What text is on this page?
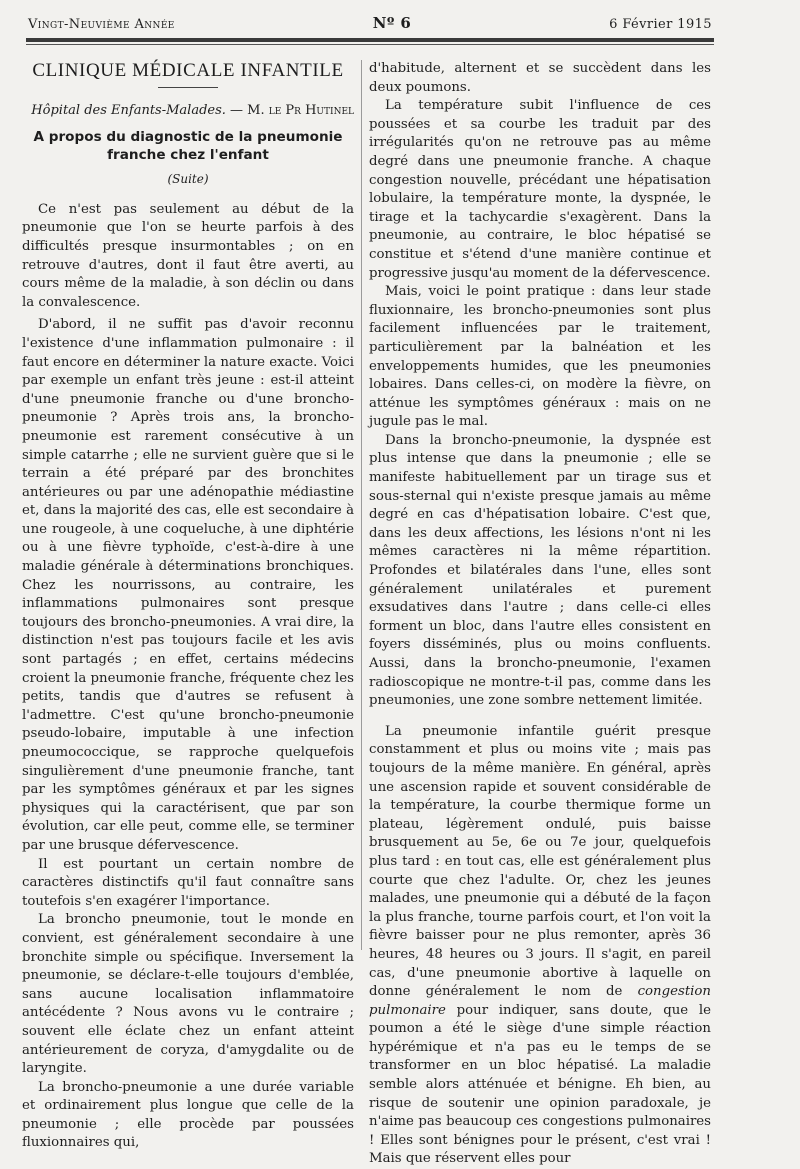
Vingt-Neuvième Année	Nº 6	6 Février 1915
CLINIQUE MÉDICALE INFANTILE
Hôpital des Enfants-Malades. — M. le Pr Hutinel
A propos du diagnostic de la pneumonie franche chez l'enfant
(Suite)

Ce n'est pas seulement au début de la pneumonie que l'on se heurte parfois à des difficultés presque insurmontables ; on en retrouve d'autres, dont il faut être averti, au cours même de la maladie, à son déclin ou dans la convalescence.

D'abord, il ne suffit pas d'avoir reconnu l'existence d'une inflammation pulmonaire : il faut encore en déterminer la nature exacte. Voici par exemple un enfant très jeune : est-il atteint d'une pneumonie franche ou d'une broncho-pneumonie ? Après trois ans, la broncho-pneumonie est rarement consécutive à un simple catarrhe ; elle ne survient guère que si le terrain a été préparé par des bronchites antérieures ou par une adénopathie médiastine et, dans la majorité des cas, elle est secondaire à une rougeole, à une coqueluche, à une diphtérie ou à une fièvre typhoïde, c'est-à-dire à une maladie générale à déterminations bronchiques. Chez les nourrissons, au contraire, les inflammations pulmonaires sont presque toujours des broncho-pneumonies. A vrai dire, la distinction n'est pas toujours facile et les avis sont partagés ; en effet, certains médecins croient la pneumonie franche, fréquente chez les petits, tandis que d'autres se refusent à l'admettre. C'est qu'une broncho-pneumonie pseudo-lobaire, imputable à une infection pneumococcique, se rapproche quelquefois singulièrement d'une pneumonie franche, tant par les symptômes généraux et par les signes physiques qui la caractérisent, que par son évolution, car elle peut, comme elle, se terminer par une brusque défervescence.

Il est pourtant un certain nombre de caractères distinctifs qu'il faut connaître sans toutefois s'en exagérer l'importance.

La broncho pneumonie, tout le monde en convient, est généralement secondaire à une bronchite simple ou spécifique. Inversement la pneumonie, se déclare-t-elle toujours d'emblée, sans aucune localisation inflammatoire antécédente ? Nous avons vu le contraire ; souvent elle éclate chez un enfant atteint antérieurement de coryza, d'amygdalite ou de laryngite.

La broncho-pneumonie a une durée variable et ordinairement plus longue que celle de la pneumonie ; elle procède par poussées fluxionnaires qui,

d'habitude, alternent et se succèdent dans les deux poumons.

La température subit l'influence de ces poussées et sa courbe les traduit par des irrégularités qu'on ne retrouve pas au même degré dans une pneumonie franche. A chaque congestion nouvelle, précédant une hépatisation lobulaire, la température monte, la dyspnée, le tirage et la tachycardie s'exagèrent. Dans la pneumonie, au contraire, le bloc hépatisé se constitue et s'étend d'une manière continue et progressive jusqu'au moment de la défervescence.

Mais, voici le point pratique : dans leur stade fluxionnaire, les broncho-pneumonies sont plus facilement influencées par le traitement, particulièrement par la balnéation et les enveloppements humides, que les pneumonies lobaires. Dans celles-ci, on modère la fièvre, on atténue les symptômes généraux : mais on ne jugule pas le mal.

Dans la broncho-pneumonie, la dyspnée est plus intense que dans la pneumonie ; elle se manifeste habituellement par un tirage sus et sous-sternal qui n'existe presque jamais au même degré en cas d'hépatisation lobaire. C'est que, dans les deux affections, les lésions n'ont ni les mêmes caractères ni la même répartition. Profondes et bilatérales dans l'une, elles sont généralement unilatérales et purement exsudatives dans l'autre ; dans celle-ci elles forment un bloc, dans l'autre elles consistent en foyers disséminés, plus ou moins confluents. Aussi, dans la broncho-pneumonie, l'examen radioscopique ne montre-t-il pas, comme dans les pneumonies, une zone sombre nettement limitée.

La pneumonie infantile guérit presque constamment et plus ou moins vite ; mais pas toujours de la même manière. En général, après une ascension rapide et souvent considérable de la température, la courbe thermique forme un plateau, légèrement ondulé, puis baisse brusquement au 5e, 6e ou 7e jour, quelquefois plus tard : en tout cas, elle est généralement plus courte que chez l'adulte. Or, chez les jeunes malades, une pneumonie qui a débuté de la façon la plus franche, tourne parfois court, et l'on voit la fièvre baisser pour ne plus remonter, après 36 heures, 48 heures ou 3 jours. Il s'agit, en pareil cas, d'une pneumonie abortive à laquelle on donne généralement le nom de congestion pulmonaire pour indiquer, sans doute, que le poumon a été le siège d'une simple réaction hypérémique et n'a pas eu le temps de se transformer en un bloc hépatisé. La maladie semble alors atténuée et bénigne. Eh bien, au risque de soutenir une opinion paradoxale, je n'aime pas beaucoup ces congestions pulmonaires ! Elles sont bénignes pour le présent, c'est vrai ! Mais que réservent elles pour
